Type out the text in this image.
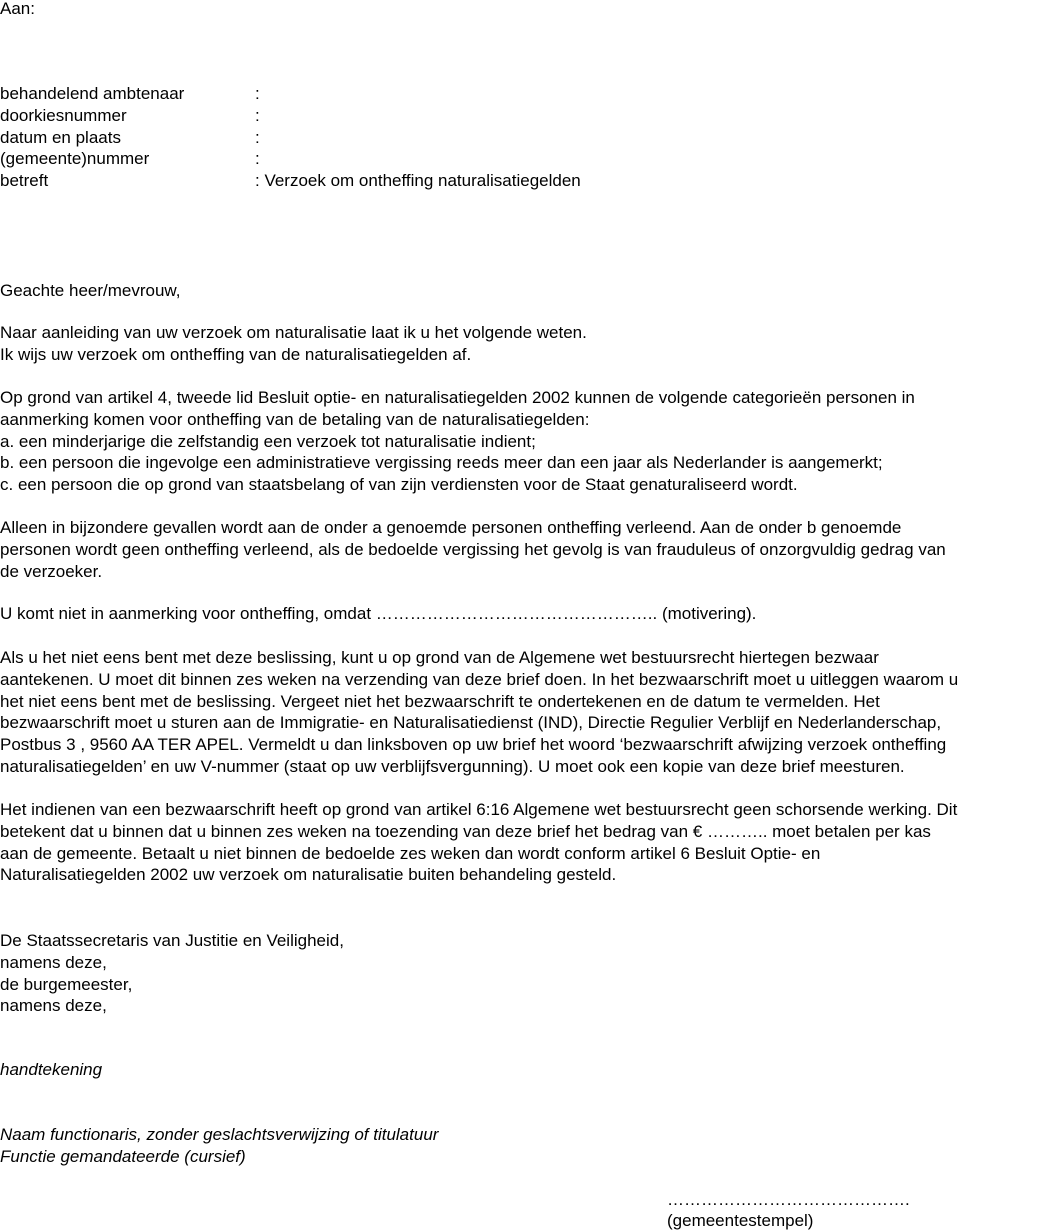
Aan:

behandelend ambtenaar	:
doorkiesnummer	:
datum en plaats	:
(gemeente)nummer	:
betreft	: Verzoek om ontheffing naturalisatiegelden

Geachte heer/mevrouw,

Naar aanleiding van uw verzoek om naturalisatie laat ik u het volgende weten.
Ik wijs uw verzoek om ontheffing van de naturalisatiegelden af.
Op grond van artikel 4, tweede lid Besluit optie- en naturalisatiegelden 2002 kunnen de volgende categorieën personen in
aanmerking komen voor ontheffing van de betaling van de naturalisatiegelden:
a. een minderjarige die zelfstandig een verzoek tot naturalisatie indient;
b. een persoon die ingevolge een administratieve vergissing reeds meer dan een jaar als Nederlander is aangemerkt;
c. een persoon die op grond van staatsbelang of van zijn verdiensten voor de Staat genaturaliseerd wordt.
Alleen in bijzondere gevallen wordt aan de onder a genoemde personen ontheffing verleend. Aan de onder b genoemde
personen wordt geen ontheffing verleend, als de bedoelde vergissing het gevolg is van frauduleus of onzorgvuldig gedrag van
de verzoeker.
U komt niet in aanmerking voor ontheffing, omdat ………………………………………….. (motivering).
Als u het niet eens bent met deze beslissing, kunt u op grond van de Algemene wet bestuursrecht hiertegen bezwaar
aantekenen. U moet dit binnen zes weken na verzending van deze brief doen. In het bezwaarschrift moet u uitleggen waarom u
het niet eens bent met de beslissing. Vergeet niet het bezwaarschrift te ondertekenen en de datum te vermelden. Het
bezwaarschrift moet u sturen aan de Immigratie- en Naturalisatiedienst (IND), Directie Regulier Verblijf en Nederlanderschap,
Postbus 3 , 9560 AA TER APEL. Vermeldt u dan linksboven op uw brief het woord ‘bezwaarschrift afwijzing verzoek ontheffing
naturalisatiegelden’ en uw V-nummer (staat op uw verblijfsvergunning). U moet ook een kopie van deze brief meesturen.
Het indienen van een bezwaarschrift heeft op grond van artikel 6:16 Algemene wet bestuursrecht geen schorsende werking. Dit
betekent dat u binnen dat u binnen zes weken na toezending van deze brief het bedrag van € ……….. moet betalen per kas
aan de gemeente. Betaalt u niet binnen de bedoelde zes weken dan wordt conform artikel 6 Besluit Optie- en
Naturalisatiegelden 2002 uw verzoek om naturalisatie buiten behandeling gesteld.
De Staatssecretaris van Justitie en Veiligheid,
namens deze,
de burgemeester,
namens deze,

handtekening

Naam functionaris, zonder geslachtsverwijzing of titulatuur

Functie gemandateerde (cursief)

…………………………………….

(gemeentestempel)
